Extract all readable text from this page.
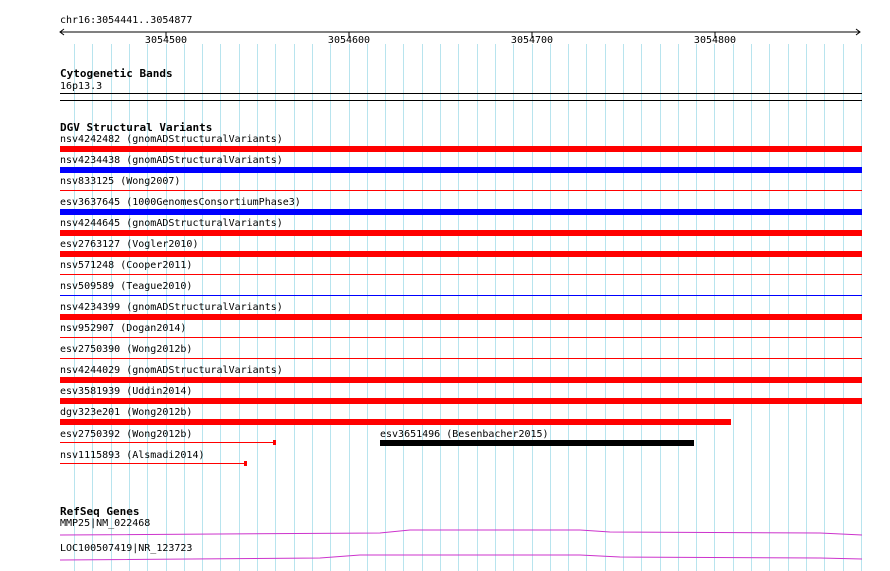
chr16:3054441..3054877
3054500	3054600	3054700	3054800
Cytogenetic Bands
16p13.3
DGV Structural Variants
nsv4242482 (gnomADStructuralVariants)
nsv4234438 (gnomADStructuralVariants)
nsv833125 (Wong2007)
esv3637645 (1000GenomesConsortiumPhase3)
nsv4244645 (gnomADStructuralVariants)
esv2763127 (Vogler2010)
nsv571248 (Cooper2011)
nsv509589 (Teague2010)
nsv4234399 (gnomADStructuralVariants)
nsv952907 (Dogan2014)
esv2750390 (Wong2012b)
nsv4244029 (gnomADStructuralVariants)
esv3581939 (Uddin2014)
dgv323e201 (Wong2012b)
esv2750392 (Wong2012b)	esv3651496 (Besenbacher2015)
nsv1115893 (Alsmadi2014)
RefSeq Genes
MMP25|NM_022468
LOC100507419|NR_123723
